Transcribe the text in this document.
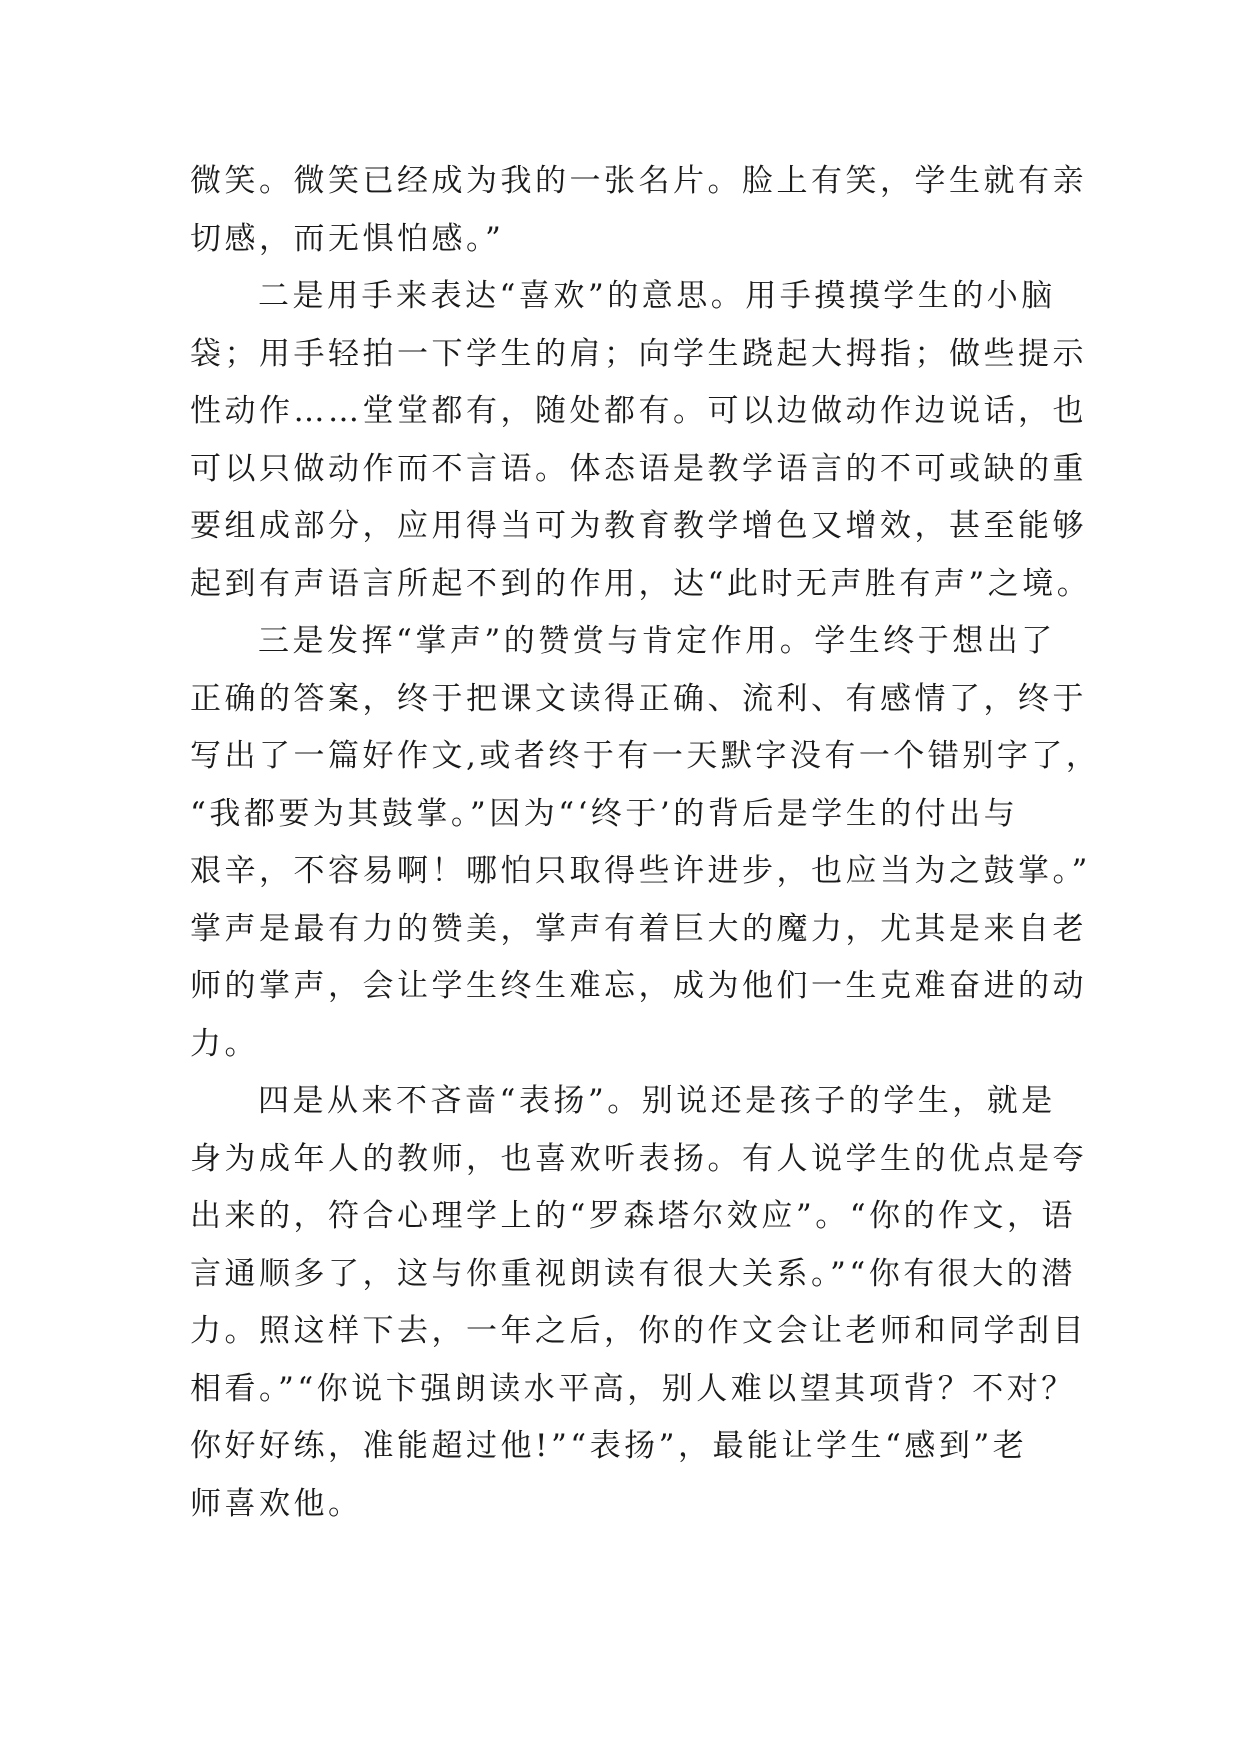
微笑。微笑已经成为我的一张名片。脸上有笑，学生就有亲
切感，而无惧怕感。”
二是用手来表达“喜欢”的意思。用手摸摸学生的小脑
袋；用手轻拍一下学生的肩；向学生跷起大拇指；做些提示
性动作……堂堂都有，随处都有。可以边做动作边说话，也
可以只做动作而不言语。体态语是教学语言的不可或缺的重
要组成部分，应用得当可为教育教学增色又增效，甚至能够
起到有声语言所起不到的作用，达“此时无声胜有声”之境。
三是发挥“掌声”的赞赏与肯定作用。学生终于想出了
正确的答案，终于把课文读得正确、流利、有感情了，终于
写出了一篇好作文,或者终于有一天默字没有一个错别字了，
“我都要为其鼓掌。”因为“‘终于’的背后是学生的付出与
艰辛，不容易啊！哪怕只取得些许进步，也应当为之鼓掌。”
掌声是最有力的赞美，掌声有着巨大的魔力，尤其是来自老
师的掌声，会让学生终生难忘，成为他们一生克难奋进的动
力。
四是从来不吝啬“表扬”。别说还是孩子的学生，就是
身为成年人的教师，也喜欢听表扬。有人说学生的优点是夸
出来的，符合心理学上的“罗森塔尔效应”。“你的作文，语
言通顺多了，这与你重视朗读有很大关系。”“你有很大的潜
力。照这样下去，一年之后，你的作文会让老师和同学刮目
相看。”“你说卞强朗读水平高，别人难以望其项背？不对？
你好好练，准能超过他!”“表扬”，最能让学生“感到”老
师喜欢他。
